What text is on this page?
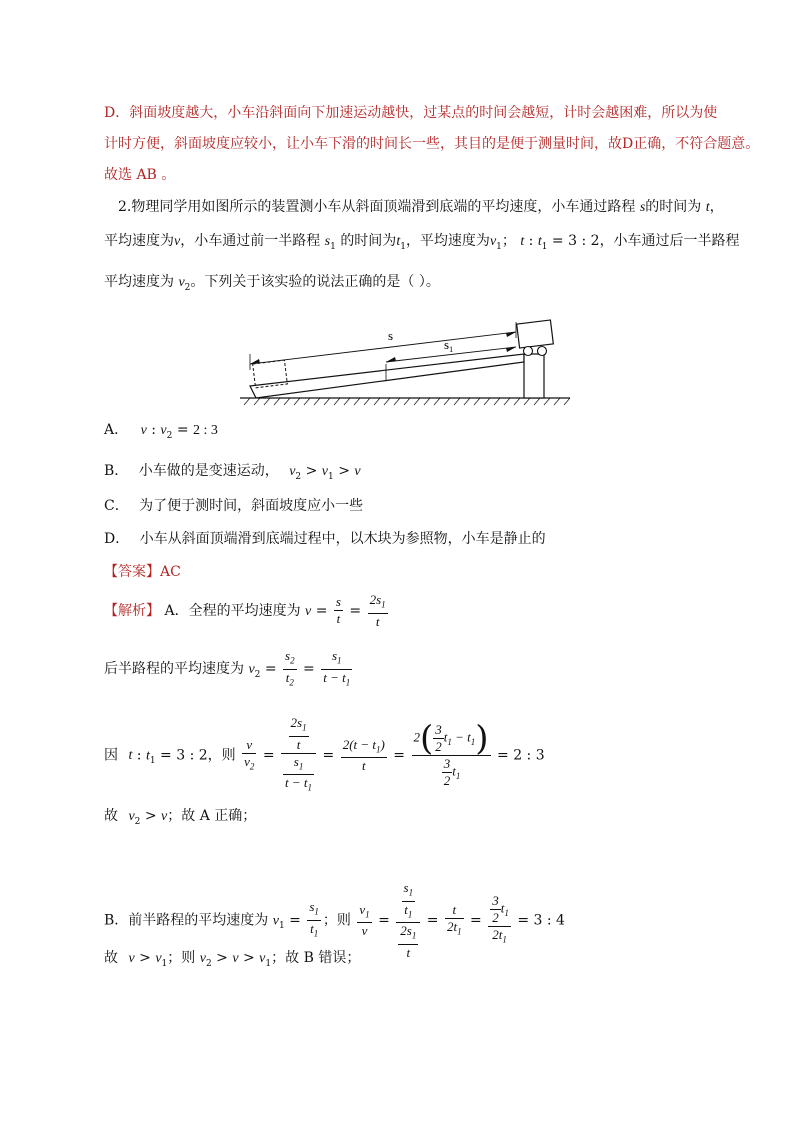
D．斜面坡度越大，小车沿斜面向下加速运动越快，过某点的时间会越短，计时会越困难，所以为使
计时方便，斜面坡度应较小，让小车下滑的时间长一些，其目的是便于测量时间，故D正确，不符合题意。
故选 AB 。
2.物理同学用如图所示的装置测小车从斜面顶端滑到底端的平均速度，小车通过路程 s的时间为 t，
平均速度为v，小车通过前一半路程 $s_1$ 的时间为$t_1$，平均速度为$v_1$； t : $t_1 = 3$ : 2，小车通过后一半路程
平均速度为 $v_2$。下列关于该实验的说法正确的是（ ）。
s
$s_1$
A． v : $v_2 = 2$ : 3
B． 小车做的是变速运动， $v_2 > v_1 > v$
C． 为了便于测时间，斜面坡度应小一些
D． 小车从斜面顶端滑到底端过程中，以木块为参照物，小车是静止的
【答案】AC
【解析】 A．全程的平均速度为 $v = \frac{s}{t} = \frac{2s_1}{t}$
后半路程的平均速度为 $v_2 = \frac{s_2}{t_2} = \frac{s_1}{t - t_1}$
因 t : $t_1 = 3$ : 2，则 $\frac{v}{v_2} = \frac{\frac{2s_1}{t}}{\frac{s_1}{t - t_1}} = \frac{2(t - t_1)}{t} = \frac{2( \frac{3}{2} t_1 - t_1)}{\frac{3}{2} t_1} = 2$ : 3
故 $v_2 > v$；故 A 正确；
B．前半路程的平均速度为 $v_1 = \frac{s_1}{t_1}$ ；则 $\frac{v_1}{v} = \frac{\frac{s_1}{t_1}}{\frac{2s_1}{t}} = \frac{t}{2t_1} = \frac{\frac{3}{2} t_1}{2t_1} = 3$ : 4
故 $v > v_1$；则 $v_2 > v > v_1$；故 B 错误；
